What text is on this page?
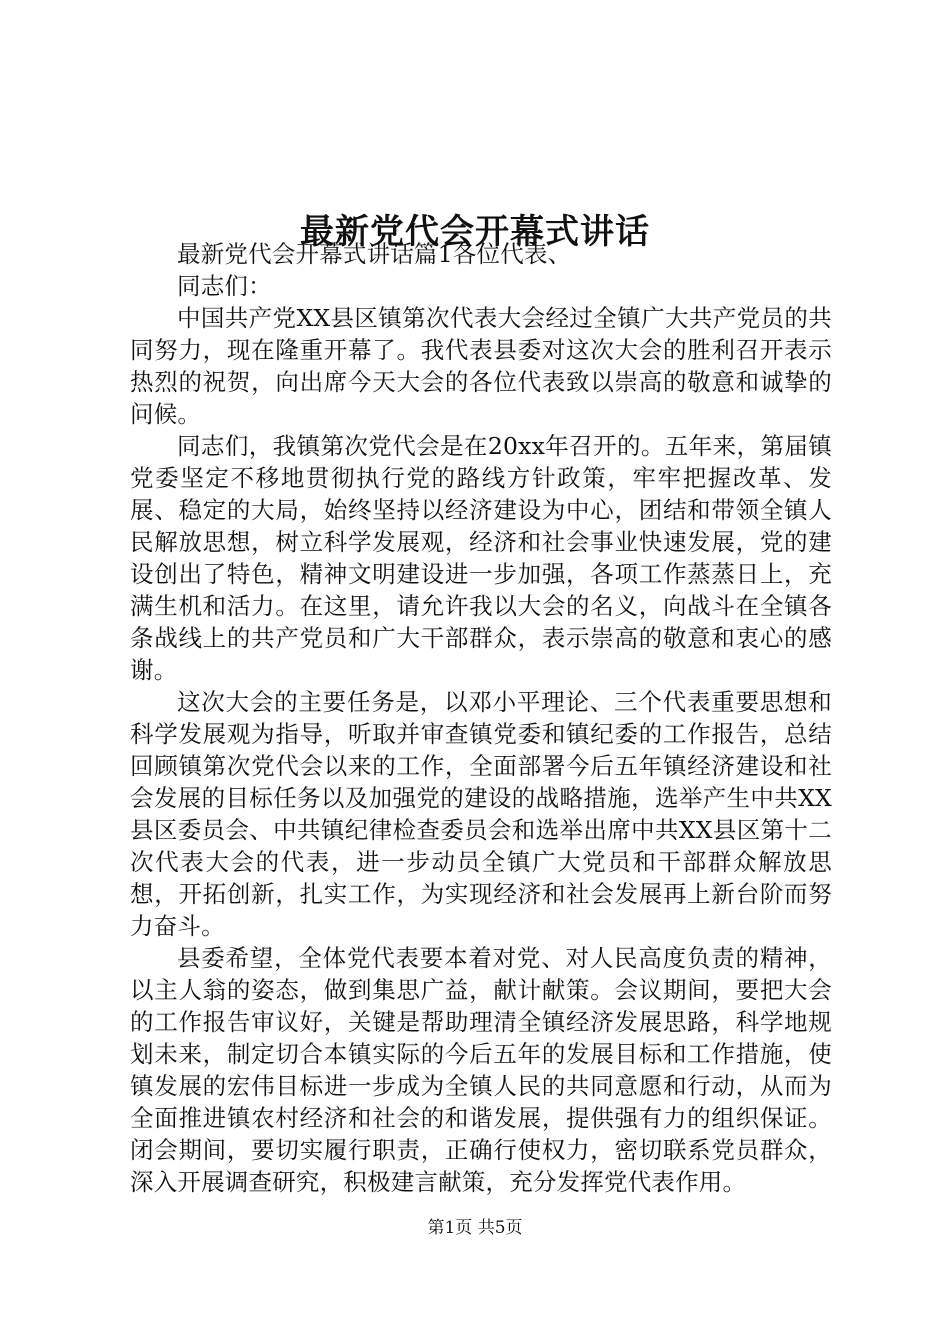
最新党代会开幕式讲话

最新党代会开幕式讲话篇1各位代表、

同志们：

中国共产党XX县区镇第次代表大会经过全镇广大共产党员的共同努力，现在隆重开幕了。我代表县委对这次大会的胜利召开表示热烈的祝贺，向出席今天大会的各位代表致以崇高的敬意和诚挚的问候。

同志们，我镇第次党代会是在20xx年召开的。五年来，第届镇党委坚定不移地贯彻执行党的路线方针政策，牢牢把握改革、发展、稳定的大局，始终坚持以经济建设为中心，团结和带领全镇人民解放思想，树立科学发展观，经济和社会事业快速发展，党的建设创出了特色，精神文明建设进一步加强，各项工作蒸蒸日上，充满生机和活力。在这里，请允许我以大会的名义，向战斗在全镇各条战线上的共产党员和广大干部群众，表示崇高的敬意和衷心的感谢。

这次大会的主要任务是，以邓小平理论、三个代表重要思想和科学发展观为指导，听取并审查镇党委和镇纪委的工作报告，总结回顾镇第次党代会以来的工作，全面部署今后五年镇经济建设和社会发展的目标任务以及加强党的建设的战略措施，选举产生中共XX县区委员会、中共镇纪律检查委员会和选举出席中共XX县区第十二次代表大会的代表，进一步动员全镇广大党员和干部群众解放思想，开拓创新，扎实工作，为实现经济和社会发展再上新台阶而努力奋斗。

县委希望，全体党代表要本着对党、对人民高度负责的精神，以主人翁的姿态，做到集思广益，献计献策。会议期间，要把大会的工作报告审议好，关键是帮助理清全镇经济发展思路，科学地规划未来，制定切合本镇实际的今后五年的发展目标和工作措施，使镇发展的宏伟目标进一步成为全镇人民的共同意愿和行动，从而为全面推进镇农村经济和社会的和谐发展，提供强有力的组织保证。闭会期间，要切实履行职责，正确行使权力，密切联系党员群众，深入开展调查研究，积极建言献策，充分发挥党代表作用。

第1页 共5页
